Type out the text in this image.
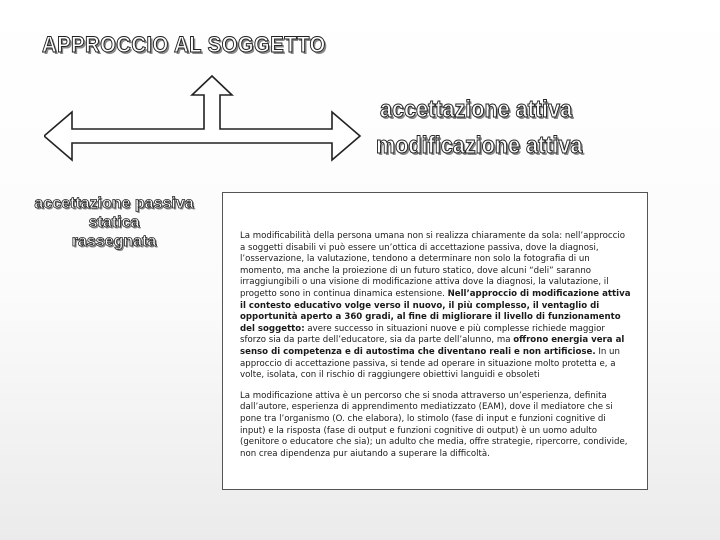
APPROCCIO AL SOGGETTO
accettazione attiva
modificazione attiva
accettazione passiva
statica
rassegnata	La modificabilità della persona umana non si realizza chiaramente da sola: nell’approccio a soggetti disabili vi può essere un’ottica di accettazione passiva, dove la diagnosi, l’osservazione, la valutazione, tendono a determinare non solo la fotografia di un momento, ma anche la proiezione di un futuro statico, dove alcuni “deli” saranno irraggiungibili o una visione di modificazione attiva dove la diagnosi, la valutazione, il progetto sono in continua dinamica estensione. Nell’approccio di modificazione attiva il contesto educativo volge verso il nuovo, il più complesso, il ventaglio di opportunità aperto a 360 gradi, al fine di migliorare il livello di funzionamento del soggetto: avere successo in situazioni nuove e più complesse richiede maggior sforzo sia da parte dell’educatore, sia da parte dell’alunno, ma offrono energia vera al senso di competenza e di autostima che diventano reali e non artificiose. In un approccio di accettazione passiva, si tende ad operare in situazione molto protetta e, a volte, isolata, con il rischio di raggiungere obiettivi languidi e obsoleti

La modificazione attiva è un percorso che si snoda attraverso un’esperienza, definita dall’autore, esperienza di apprendimento mediatizzato (EAM), dove il mediatore che si pone tra l’organismo (O. che elabora), lo stimolo (fase di input e funzioni cognitive di input) e la risposta (fase di output e funzioni cognitive di output) è un uomo adulto (genitore o educatore che sia); un adulto che media, offre strategie, ripercorre, condivide, non crea dipendenza pur aiutando a superare la difficoltà.
